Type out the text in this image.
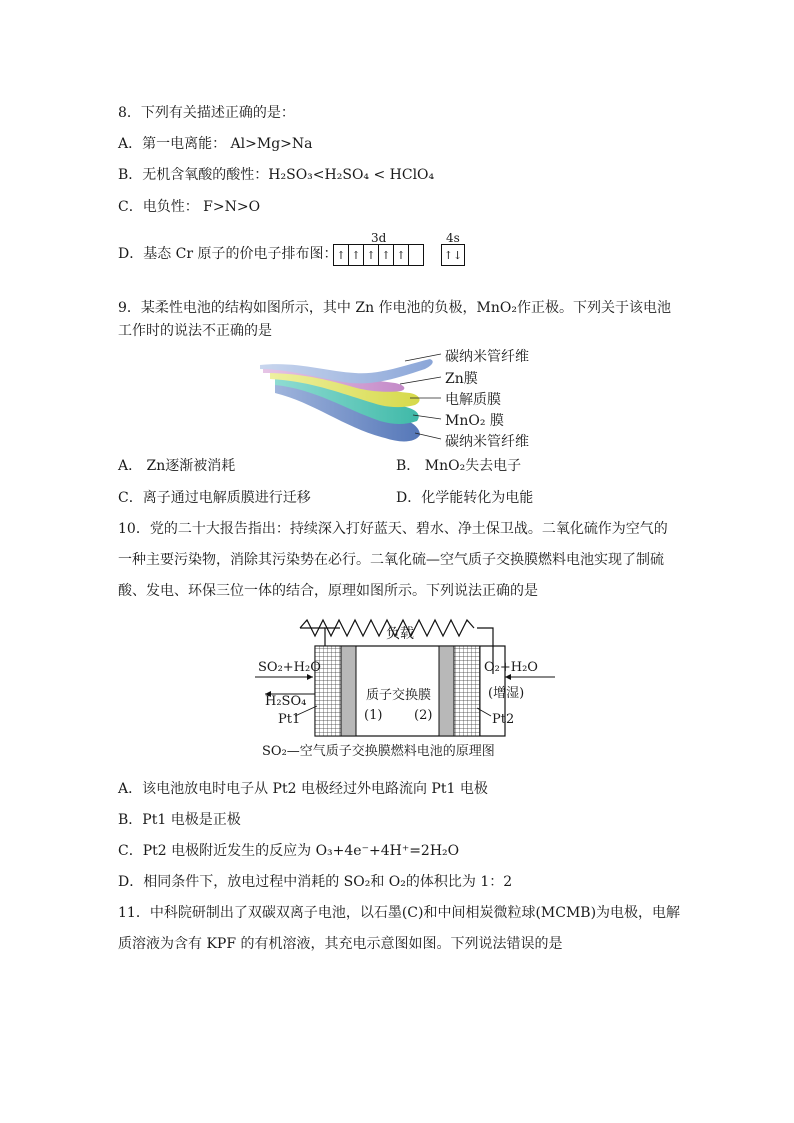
8．下列有关描述正确的是：
A．第一电离能： Al>Mg>Na
B．无机含氧酸的酸性：H₂SO₃<H₂SO₄ < HClO₄
C．电负性： F>N>O
D．基态 Cr 原子的价电子排布图：
3d	4s
↑ ↑ ↑ ↑ ↑	↑↓
9．某柔性电池的结构如图所示，其中 Zn 作电池的负极，MnO₂作正极。下列关于该电池
工作时的说法不正确的是
碳纳米管纤维
Zn膜
电解质膜
MnO₂ 膜
碳纳米管纤维
A． Zn逐渐被消耗	B． MnO₂失去电子
C．离子通过电解质膜进行迁移	D．化学能转化为电能
10．党的二十大报告指出：持续深入打好蓝天、碧水、净土保卫战。二氧化硫作为空气的
一种主要污染物，消除其污染势在必行。二氧化硫—空气质子交换膜燃料电池实现了制硫
酸、发电、环保三位一体的结合，原理如图所示。下列说法正确的是
负载
SO₂+H₂O
H₂SO₄
Pt1
质子交换膜
(1) (2)
O₂+H₂O
(增湿)
Pt2
SO₂—空气质子交换膜燃料电池的原理图
A．该电池放电时电子从 Pt2 电极经过外电路流向 Pt1 电极
B．Pt1 电极是正极
C．Pt2 电极附近发生的反应为 O₃+4e⁻+4H⁺=2H₂O
D．相同条件下，放电过程中消耗的 SO₂和 O₂的体积比为 1：2
11．中科院研制出了双碳双离子电池，以石墨(C)和中间相炭微粒球(MCMB)为电极，电解
质溶液为含有 KPF 的有机溶液，其充电示意图如图。下列说法错误的是
